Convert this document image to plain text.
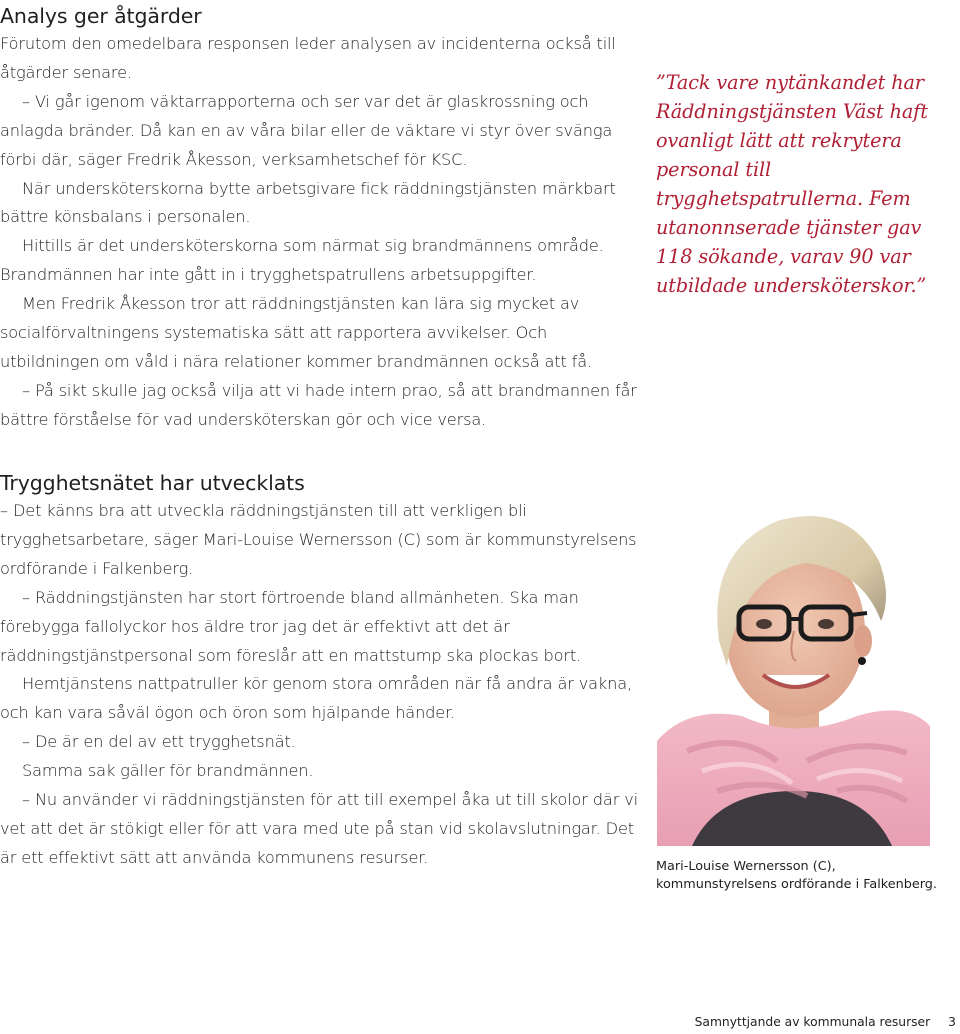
Analys ger åtgärder

Förutom den omedelbara responsen leder analysen av incidenterna också till åtgärder senare.

– Vi går igenom väktarrapporterna och ser var det är glaskrossning och anlagda bränder. Då kan en av våra bilar eller de väktare vi styr över svänga förbi där, säger Fredrik Åkesson, verksamhetschef för KSC.

När undersköterskorna bytte arbetsgivare fick räddningstjänsten märkbart bättre könsbalans i personalen.

Hittills är det undersköterskorna som närmat sig brandmännens område. Brandmännen har inte gått in i trygghetspatrullens arbetsuppgifter.

Men Fredrik Åkesson tror att räddningstjänsten kan lära sig mycket av socialförvaltningens systematiska sätt att rapportera avvikelser. Och utbildningen om våld i nära relationer kommer brandmännen också att få.

– På sikt skulle jag också vilja att vi hade intern prao, så att brandmannen får bättre förståelse för vad undersköterskan gör och vice versa.

Trygghetsnätet har utvecklats

– Det känns bra att utveckla räddningstjänsten till att verkligen bli trygghetsarbetare, säger Mari-Louise Wernersson (C) som är kommunstyrelsens ordförande i Falkenberg.

– Räddningstjänsten har stort förtroende bland allmänheten. Ska man förebygga fallolyckor hos äldre tror jag det är effektivt att det är räddningstjänstpersonal som föreslår att en mattstump ska plockas bort.

Hemtjänstens nattpatruller kör genom stora områden när få andra är vakna, och kan vara såväl ögon och öron som hjälpande händer.

– De är en del av ett trygghetsnät.

Samma sak gäller för brandmännen.

– Nu använder vi räddningstjänsten för att till exempel åka ut till skolor där vi vet att det är stökigt eller för att vara med ute på stan vid skolavslutningar. Det är ett effektivt sätt att använda kommunens resurser.

”Tack vare nytänkandet har Räddningstjänsten Väst haft ovanligt lätt att rekrytera personal till trygghetspatrullerna. Fem utanonnserade tjänster gav 118 sökande, varav 90 var utbildade undersköterskor.”
Mari-Louise Wernersson (C), kommunstyrelsens ordförande i Falkenberg.
Samnyttjande av kommunala resurser 3
